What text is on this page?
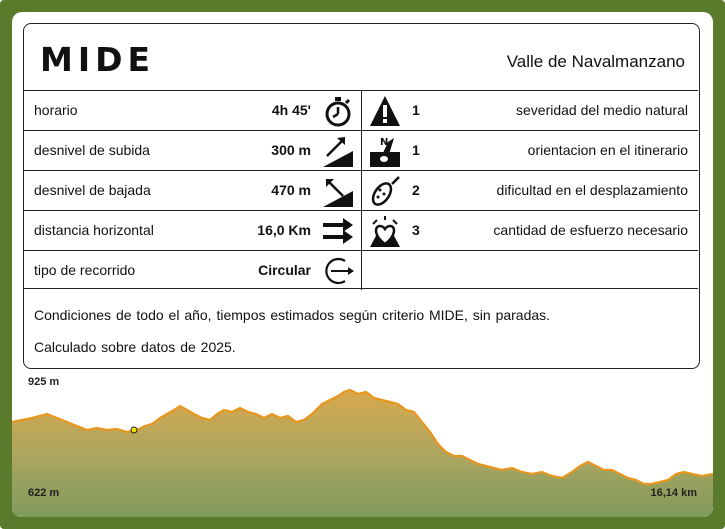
MIDE	Valle de Navalmanzano
horario	4h 45'	1	severidad del medio natural
desnivel de subida	300 m	N 1	orientacion en el itinerario
desnivel de bajada	470 m	2	dificultad en el desplazamiento
distancia horizontal	16,0 Km	3	cantidad de esfuerzo necesario
tipo de recorrido	Circular
Condiciones de todo el año, tiempos estimados según criterio MIDE, sin paradas.
Calculado sobre datos de 2025.
925 m
622 m	16,14 km
